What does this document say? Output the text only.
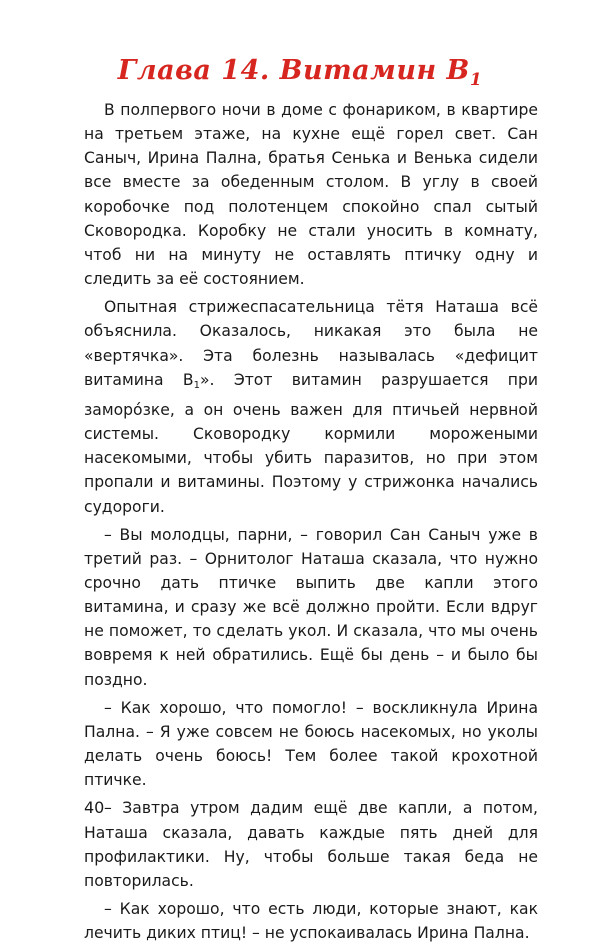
Глава 14. Витамин $В_1$

В полпервого ночи в доме с фонариком, в квартире на третьем этаже, на кухне ещё горел свет. Сан Саныч, Ирина Пална, братья Сенька и Венька сидели все вместе за обеденным столом. В углу в своей коробочке под полотенцем спокойно спал сытый Сковородка. Коробку не стали уносить в комнату, чтоб ни на минуту не оставлять птичку одну и следить за её состоянием.

Опытная стрижеспасательница тётя Наташа всё объяснила. Оказалось, никакая это была не «вертячка». Эта болезнь называлась «дефицит витамина В1». Этот витамин разрушается при заморо́зке, а он очень важен для птичьей нервной системы. Сковородку кормили морожеными насекомыми, чтобы убить паразитов, но при этом пропали и витамины. Поэтому у стрижонка начались судороги.

– Вы молодцы, парни, – говорил Сан Саныч уже в третий раз. – Орнитолог Наташа сказала, что нужно срочно дать птичке выпить две капли этого витамина, и сразу же всё должно пройти. Если вдруг не поможет, то сделать укол. И сказала, что мы очень вовремя к ней обратились. Ещё бы день – и было бы поздно.

– Как хорошо, что помогло! – воскликнула Ирина Пална. – Я уже совсем не боюсь насекомых, но уколы делать очень боюсь! Тем более такой крохотной птичке.

– Завтра утром дадим ещё две капли, а потом, Наташа сказала, давать каждые пять дней для профилактики. Ну, чтобы больше такая беда не повторилась.

– Как хорошо, что есть люди, которые знают, как лечить диких птиц! – не успокаивалась Ирина Пална.

40
